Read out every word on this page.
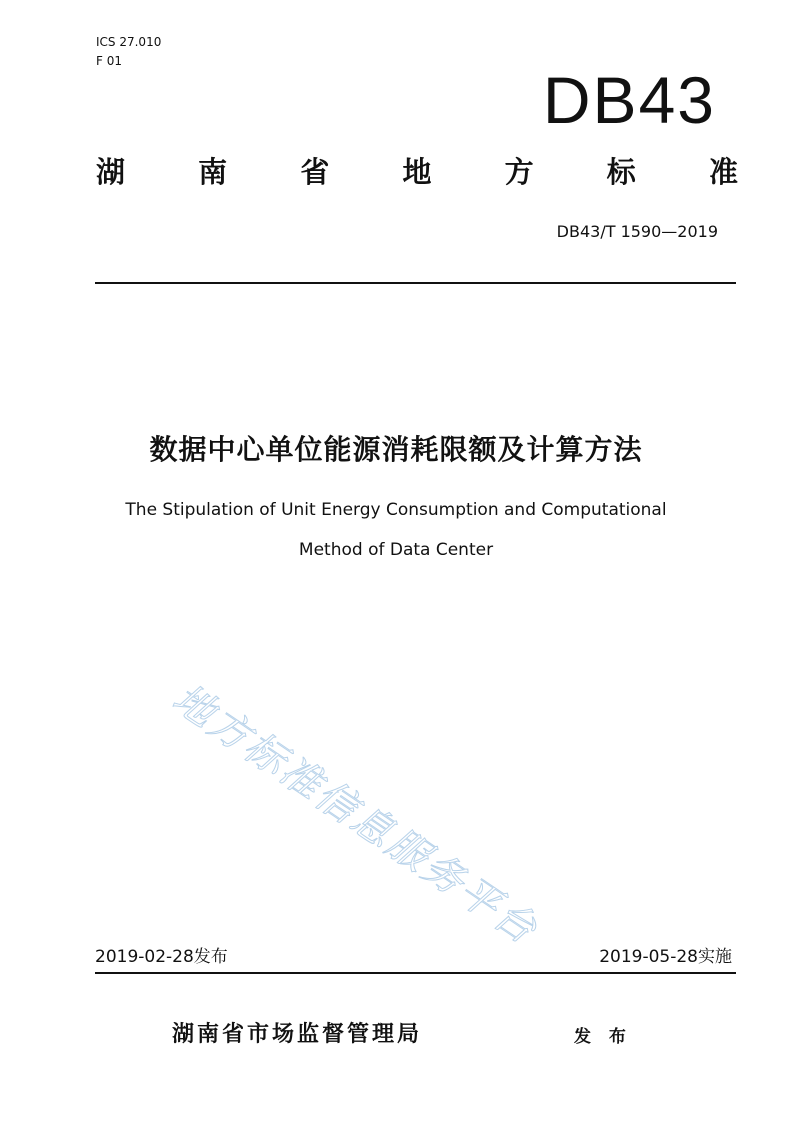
ICS 27.010
F 01
DB43
湖	南	省	地	方	标	准
DB43/T 1590—2019
数据中心单位能源消耗限额及计算方法
The Stipulation of Unit Energy Consumption and Computational
Method of Data Center
地方标准信息服务平台
2019-02-28发布	2019-05-28实施
湖南省市场监督管理局	发 布
